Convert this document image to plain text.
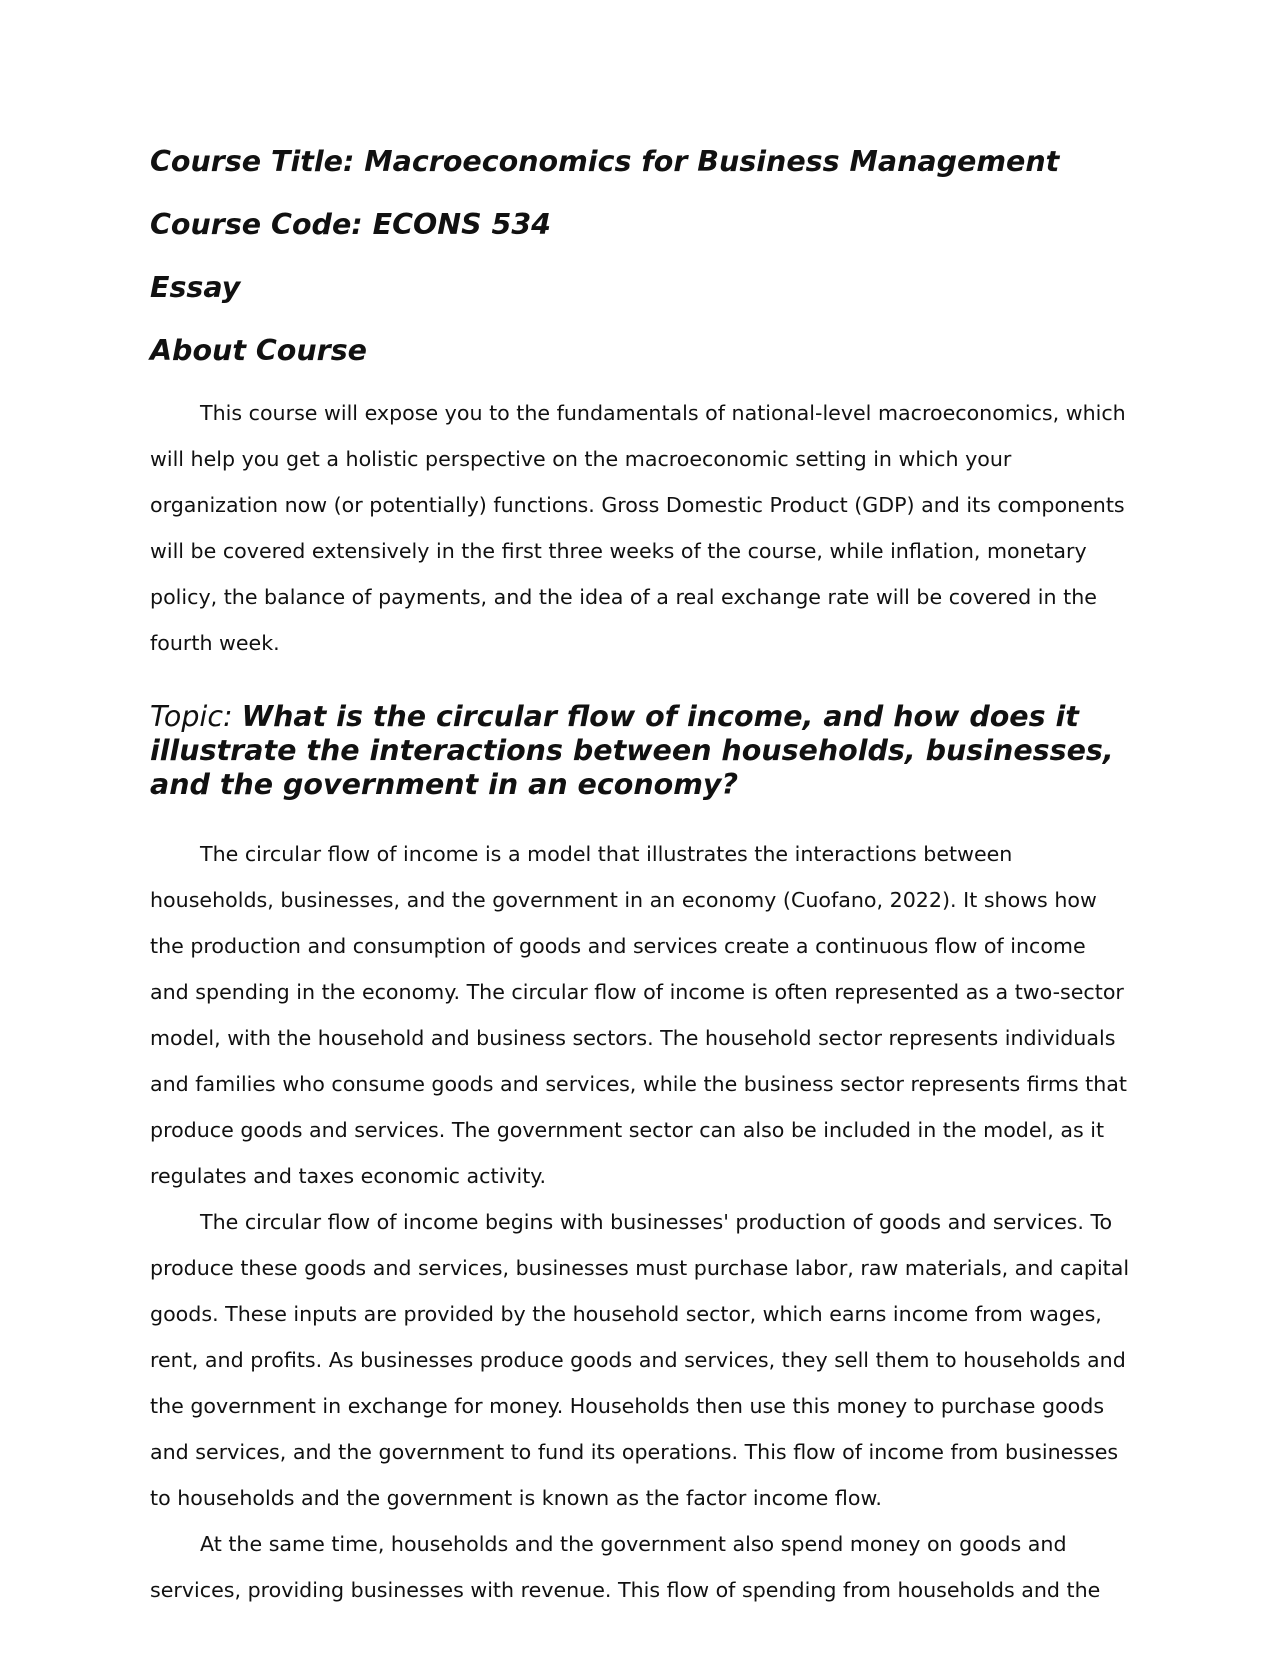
Course Title: Macroeconomics for Business Management
Course Code: ECONS 534
Essay
About Course

This course will expose you to the fundamentals of national-level macroeconomics, which will help you get a holistic perspective on the macroeconomic setting in which your organization now (or potentially) functions. Gross Domestic Product (GDP) and its components will be covered extensively in the first three weeks of the course, while inflation, monetary policy, the balance of payments, and the idea of a real exchange rate will be covered in the fourth week.

Topic: What is the circular flow of income, and how does it illustrate the interactions between households, businesses, and the government in an economy?

The circular flow of income is a model that illustrates the interactions between households, businesses, and the government in an economy (Cuofano, 2022). It shows how the production and consumption of goods and services create a continuous flow of income and spending in the economy. The circular flow of income is often represented as a two-sector model, with the household and business sectors. The household sector represents individuals and families who consume goods and services, while the business sector represents firms that produce goods and services. The government sector can also be included in the model, as it regulates and taxes economic activity.

The circular flow of income begins with businesses' production of goods and services. To produce these goods and services, businesses must purchase labor, raw materials, and capital goods. These inputs are provided by the household sector, which earns income from wages, rent, and profits. As businesses produce goods and services, they sell them to households and the government in exchange for money. Households then use this money to purchase goods and services, and the government to fund its operations. This flow of income from businesses to households and the government is known as the factor income flow.

At the same time, households and the government also spend money on goods and services, providing businesses with revenue. This flow of spending from households and the
